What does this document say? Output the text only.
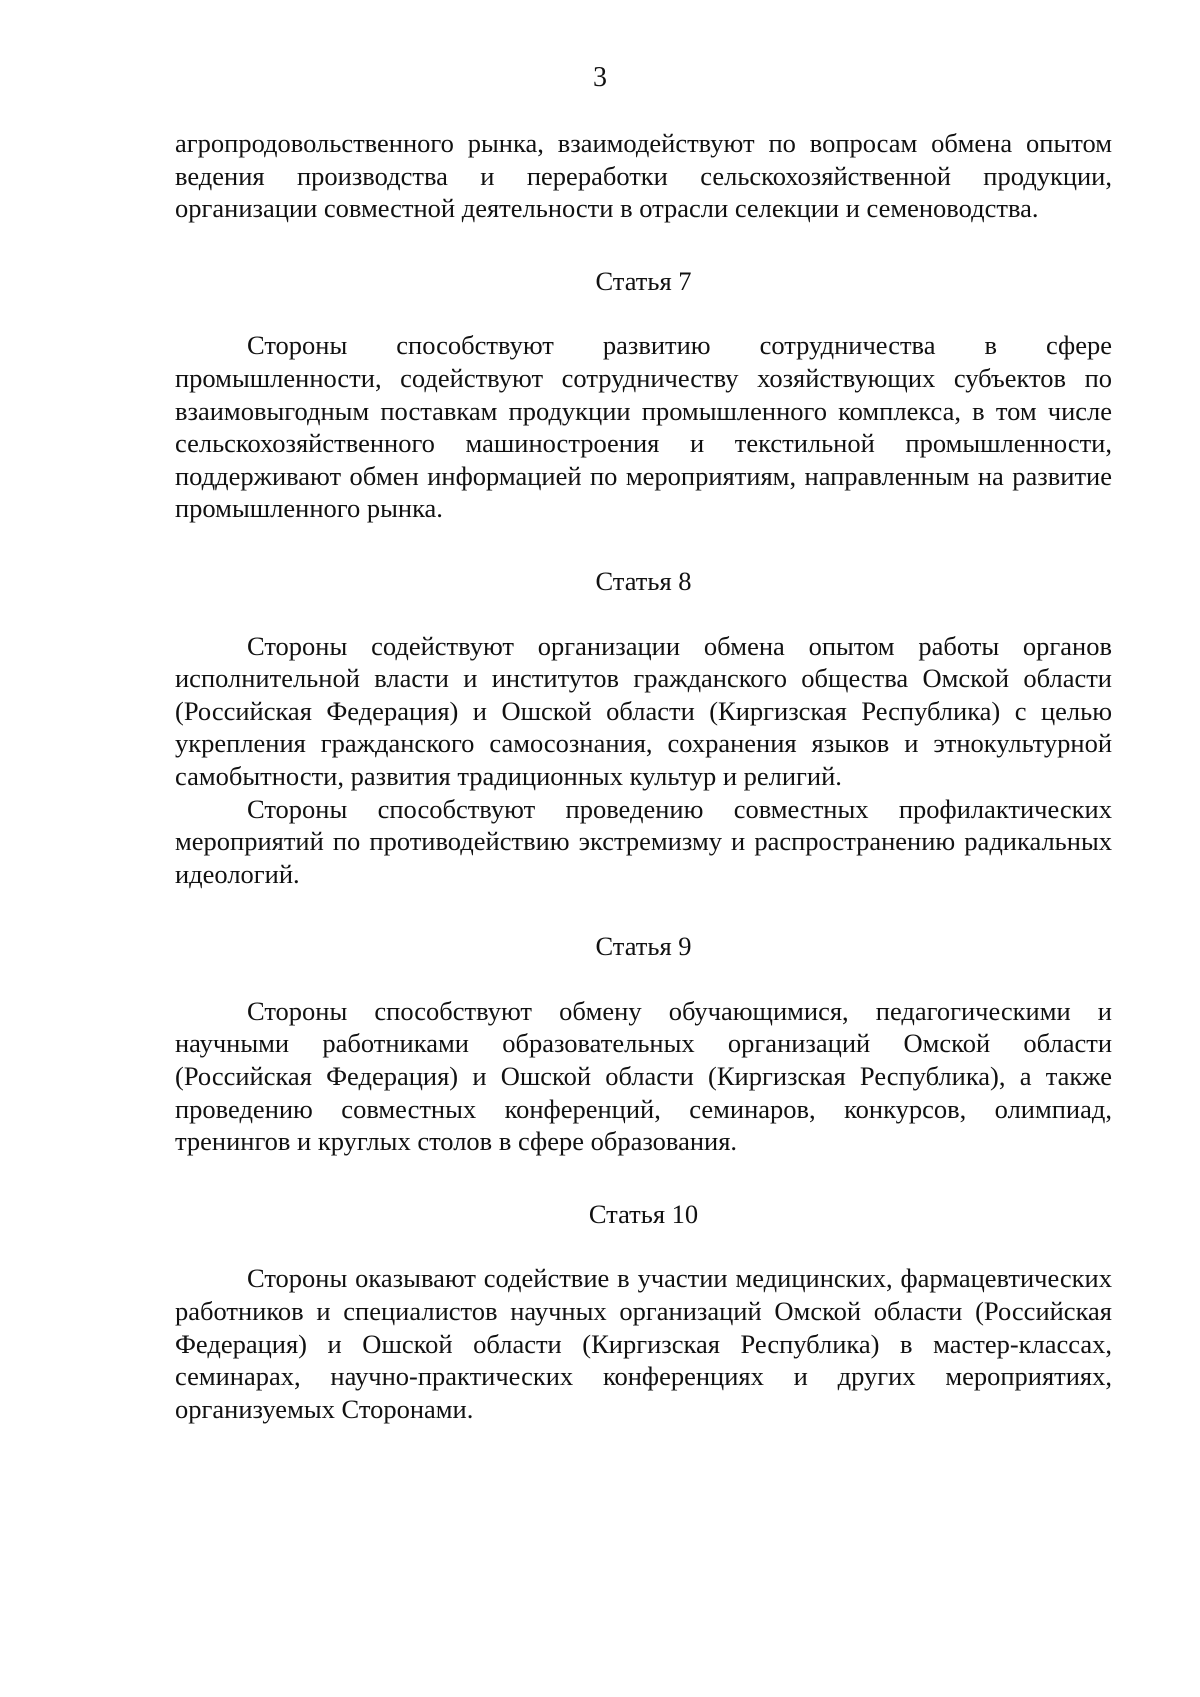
3

агропродовольственного рынка, взаимодействуют по вопросам обмена опытом ведения производства и переработки сельскохозяйственной продукции, организации совместной деятельности в отрасли селекции и семеноводства.

Статья 7

Стороны способствуют развитию сотрудничества в сфере промышленности, содействуют сотрудничеству хозяйствующих субъектов по взаимовыгодным поставкам продукции промышленного комплекса, в том числе сельскохозяйственного машиностроения и текстильной промышленности, поддерживают обмен информацией по мероприятиям, направленным на развитие промышленного рынка.

Статья 8

Стороны содействуют организации обмена опытом работы органов исполнительной власти и институтов гражданского общества Омской области (Российская Федерация) и Ошской области (Киргизская Республика) с целью укрепления гражданского самосознания, сохранения языков и этнокультурной самобытности, развития традиционных культур и религий.

Стороны способствуют проведению совместных профилактических мероприятий по противодействию экстремизму и распространению радикальных идеологий.

Статья 9

Стороны способствуют обмену обучающимися, педагогическими и научными работниками образовательных организаций Омской области (Российская Федерация) и Ошской области (Киргизская Республика), а также проведению совместных конференций, семинаров, конкурсов, олимпиад, тренингов и круглых столов в сфере образования.

Статья 10

Стороны оказывают содействие в участии медицинских, фармацевтических работников и специалистов научных организаций Омской области (Российская Федерация) и Ошской области (Киргизская Республика) в мастер-классах, семинарах, научно-практических конференциях и других мероприятиях, организуемых Сторонами.
